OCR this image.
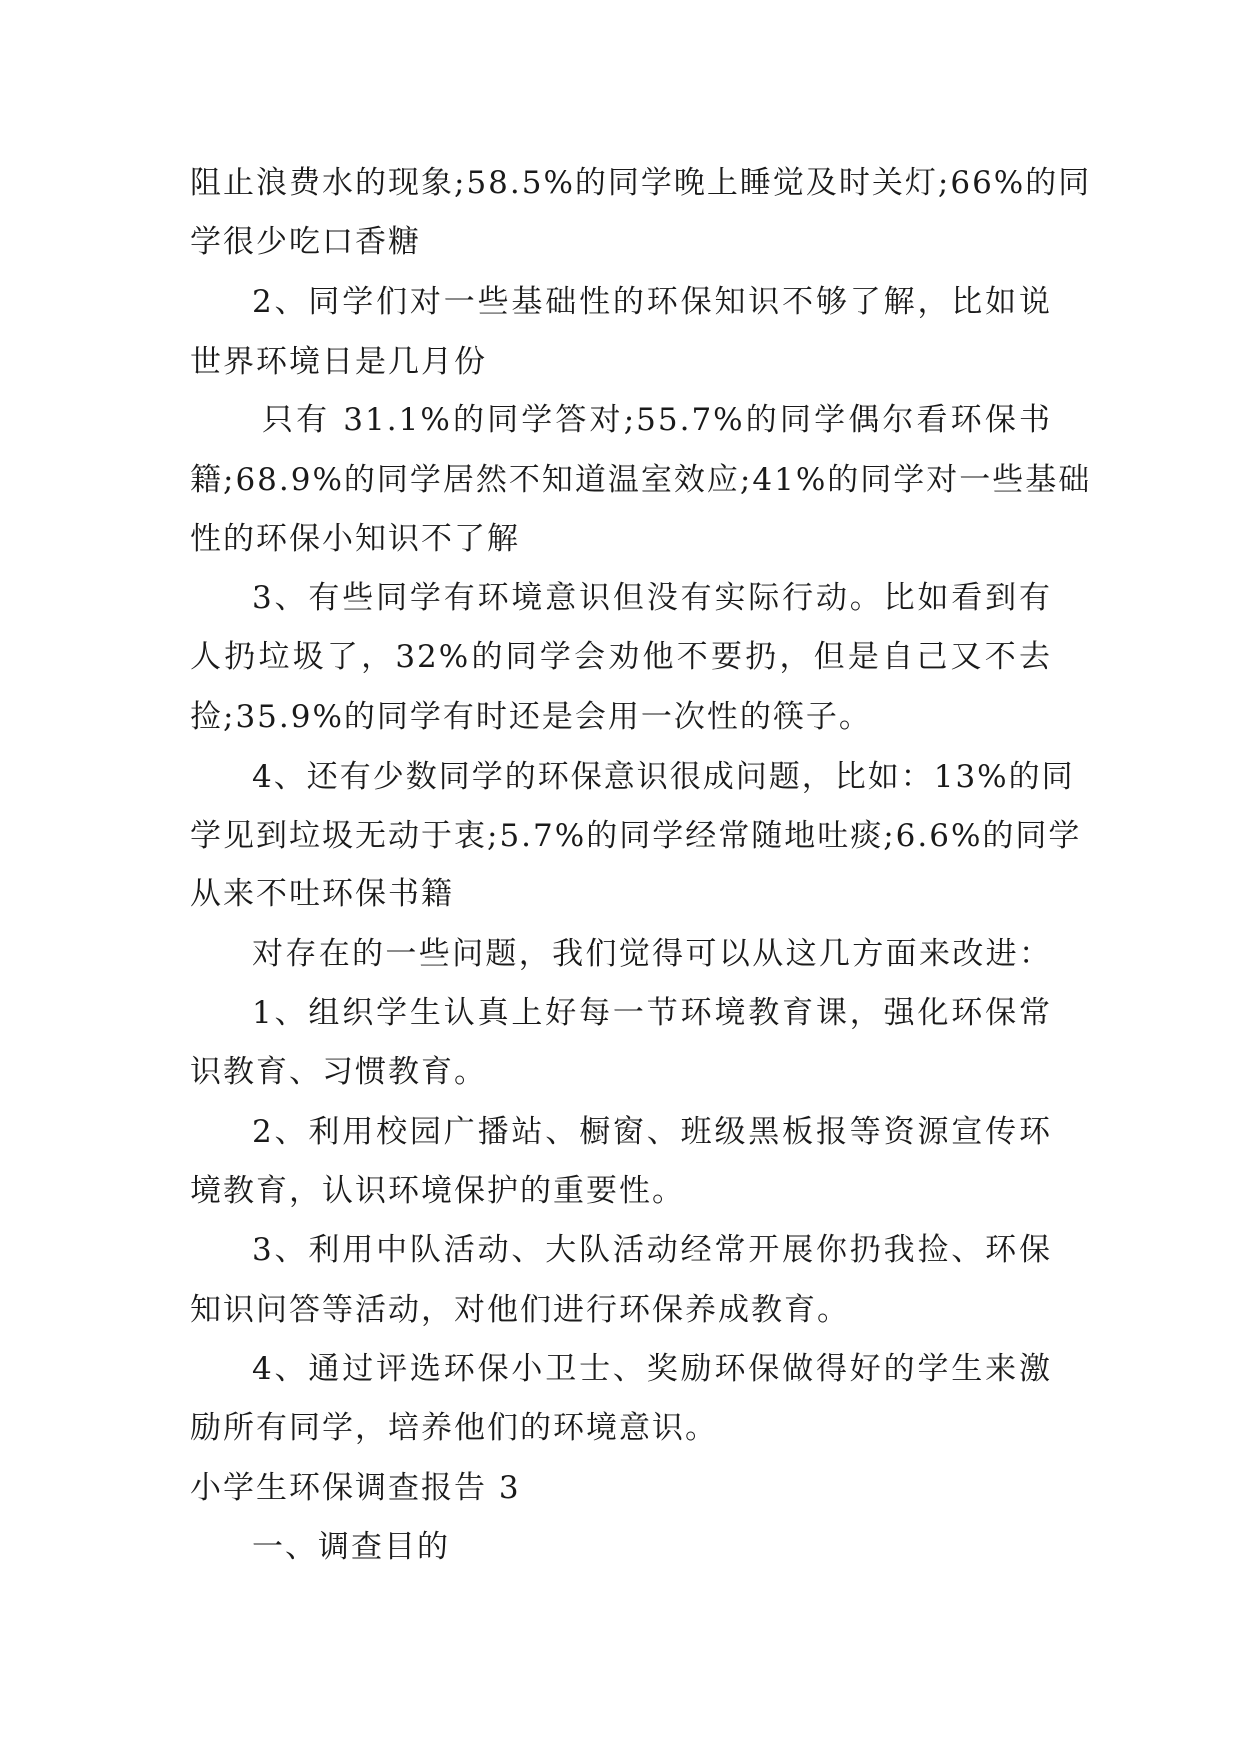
阻止浪费水的现象;58.5%的同学晚上睡觉及时关灯;66%的同
学很少吃口香糖
2、同学们对一些基础性的环保知识不够了解，比如说
世界环境日是几月份
只有 31.1%的同学答对;55.7%的同学偶尔看环保书
籍;68.9%的同学居然不知道温室效应;41%的同学对一些基础
性的环保小知识不了解
3、有些同学有环境意识但没有实际行动。比如看到有
人扔垃圾了，32%的同学会劝他不要扔，但是自己又不去
捡;35.9%的同学有时还是会用一次性的筷子。
4、还有少数同学的环保意识很成问题，比如：13%的同
学见到垃圾无动于衷;5.7%的同学经常随地吐痰;6.6%的同学
从来不吐环保书籍
对存在的一些问题，我们觉得可以从这几方面来改进：
1、组织学生认真上好每一节环境教育课，强化环保常
识教育、习惯教育。
2、利用校园广播站、橱窗、班级黑板报等资源宣传环
境教育，认识环境保护的重要性。
3、利用中队活动、大队活动经常开展你扔我捡、环保
知识问答等活动，对他们进行环保养成教育。
4、通过评选环保小卫士、奖励环保做得好的学生来激
励所有同学，培养他们的环境意识。
小学生环保调查报告 3
一、调查目的
